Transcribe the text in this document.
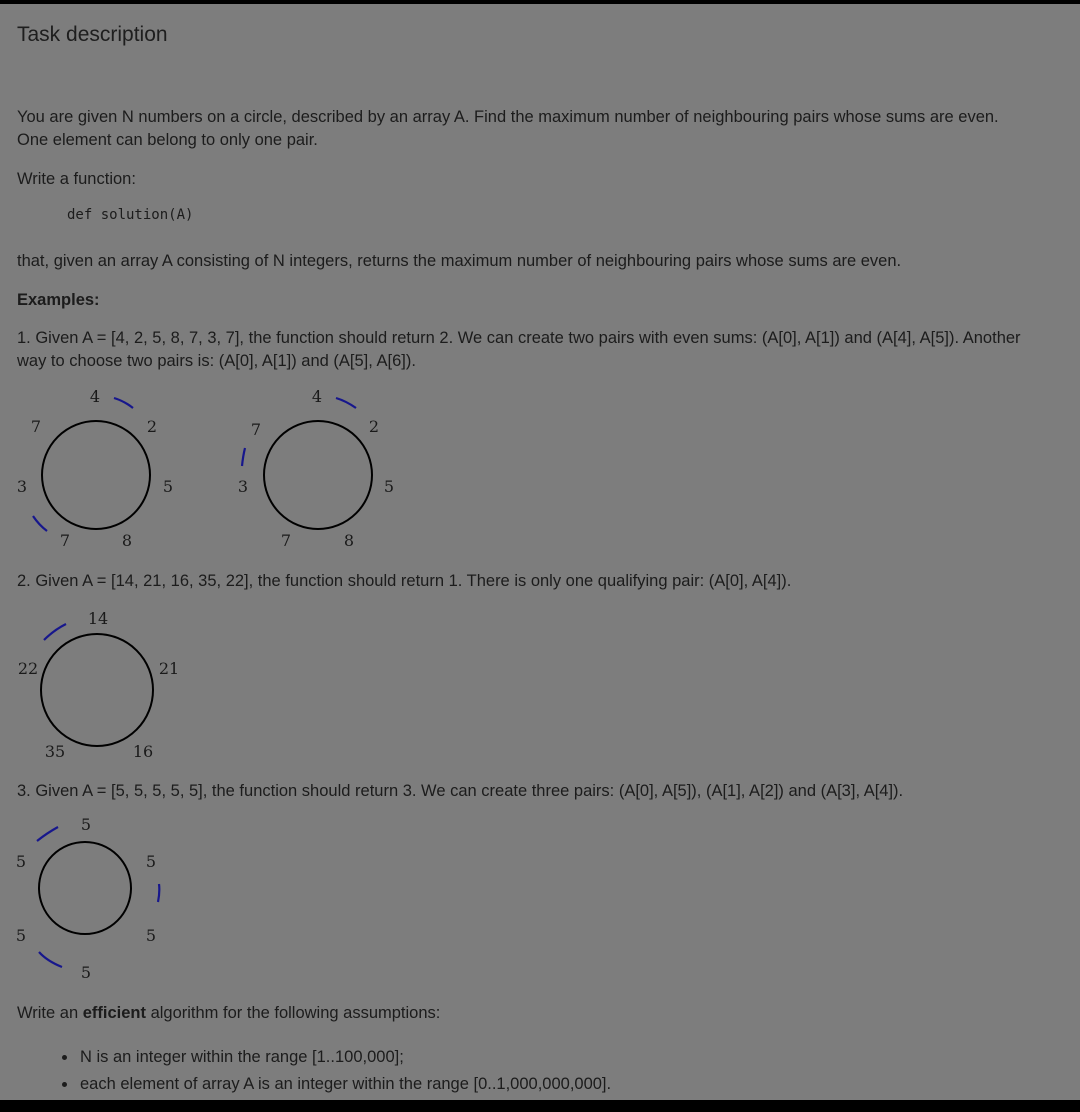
Task description
You are given N numbers on a circle, described by an array A. Find the maximum number of neighbouring pairs whose sums are even.
One element can belong to only one pair.
Write a function:
def solution(A)
that, given an array A consisting of N integers, returns the maximum number of neighbouring pairs whose sums are even.
Examples:
1. Given A = [4, 2, 5, 8, 7, 3, 7], the function should return 2. We can create two pairs with even sums: (A[0], A[1]) and (A[4], A[5]). Another
way to choose two pairs is: (A[0], A[1]) and (A[5], A[6]).
4
2
5
8
7
3
7
4
2
5
8
7
3
7
2. Given A = [14, 21, 16, 35, 22], the function should return 1. There is only one qualifying pair: (A[0], A[4]).
14
21
16
35
22
3. Given A = [5, 5, 5, 5, 5], the function should return 3. We can create three pairs: (A[0], A[5]), (A[1], A[2]) and (A[3], A[4]).
5
5
5
5
5
5
Write an efficient algorithm for the following assumptions:
• N is an integer within the range [1..100,000];
• each element of array A is an integer within the range [0..1,000,000,000].
